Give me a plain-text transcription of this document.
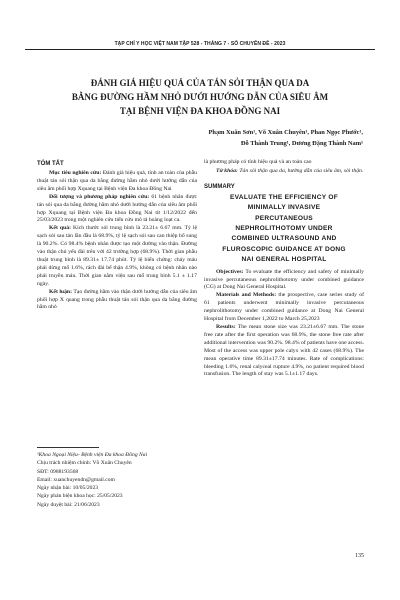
TẠP CHÍ Y HỌC VIỆT NAM TẬP 528 - THÁNG 7 - SỐ CHUYÊN ĐỀ - 2023
ĐÁNH GIÁ HIỆU QUẢ CỦA TÁN SỎI THẬN QUA DA
BẰNG ĐƯỜNG HẦM NHỎ DƯỚI HƯỚNG DẪN CỦA SIÊU ÂM
TẠI BỆNH VIỆN ĐA KHOA ĐỒNG NAI
Phạm Xuân Sơn¹, Võ Xuân Chuyên¹, Phan Ngọc Phước¹,
Đỗ Thành Trung¹, Dương Đặng Thành Nam¹
TÓM TẮT

Mục tiêu nghiên cứu: Đánh giá hiệu quả, tính an toàn của phẫu thuật tán sỏi thận qua da bằng đường hầm nhỏ dưới hướng dẫn của siêu âm phối hợp Xquang tại Bệnh viện Đa khoa Đồng Nai

Đối tượng và phương pháp nghiên cứu: 61 bệnh nhân được tán sỏi qua da bằng đường hầm nhỏ dưới hướng dẫn của siêu âm phối hợp Xquang tại Bệnh viện Đa khoa Đồng Nai từ 1/12/2022 đến 25/03/2023 trong một nghiên cứu tiến cứu mô tả hoàng loạt ca.

Kết quả: Kích thước sỏi trung bình là 23.21± 6.67 mm. Tỷ lệ sạch sỏi sau tán lần đầu là 68.9%, tỷ lệ sạch sỏi sau can thiệp bổ sung là 90.2%. Có 98.4% bệnh nhân được tạo một đường vào thận. Đường vào thận chủ yếu đài trên với 42 trường hợp (68.9%). Thời gian phẫu thuật trung bình là 89.31± 17.74 phút. Tỷ lệ biến chứng: chảy máu phải dừng mổ 1.6%, rách đài bể thận 4.9%, không có bệnh nhân nào phải truyền máu. Thời gian nằm viện sau mổ trung bình 5.1 ± 1.17 ngày.

Kết luận: Tạo đường hầm vào thận dưới hướng dẫn của siêu âm phối hợp X quang trong phẫu thuật tán sỏi thận qua da bằng đường hầm nhỏ

¹Khoa Ngoại Niệu- Bệnh viện Đa khoa Đồng Nai
Chịu trách nhiệm chính: Võ Xuân Chuyên
SĐT: 0988193568
Email: xuanchuyendn@gmail.com
Ngày nhận bài: 10/05/2023
Ngày phản biện khoa học: 25/05/2023
Ngày duyệt bài: 21/06/2023

là phương pháp có tính hiệu quả và an toàn cao

Từ khóa: Tán sỏi thận qua da, hướng dẫn của siêu âm, sỏi thận.

SUMMARY
EVALUATE THE EFFICIENCY OF
MINIMALLY INVASIVE
PERCUTANEOUS
NEPHROLITHOTOMY UNDER
COMBINED ULTRASOUND AND
FLUROSCOPIC GUIDANCE AT DONG
NAI GENERAL HOSPITAL

Objectives: To evaluate the efficiency and safety of minimally invasive percutaneous nephrolithotomy under combined guidance (CG) at Dong Nai General Hospital.

Materials and Methods: the prospective, case series study of 61 patients underwent minimally invasive percutaneous nephrolithotomy under combined guidance at Dong Nai General Hospital from December 1,2022 to March 25,2023

Results: The mean stone size was 23.21±6.67 mm. The stone free rate after the first operation was 68.9%, the stone free rate after additional intervention was 90.2%. 98.4% of patients have one access. Most of the access was upper pole calyx with 42 cases (68.9%). The mean operative time 89.31±17.74 minutes. Rate of complications: bleeding 1.6%, renal calyceal rupture 4.9%, no patient required blood transfusion. The length of stay was 5.1±1.17 days.

135
